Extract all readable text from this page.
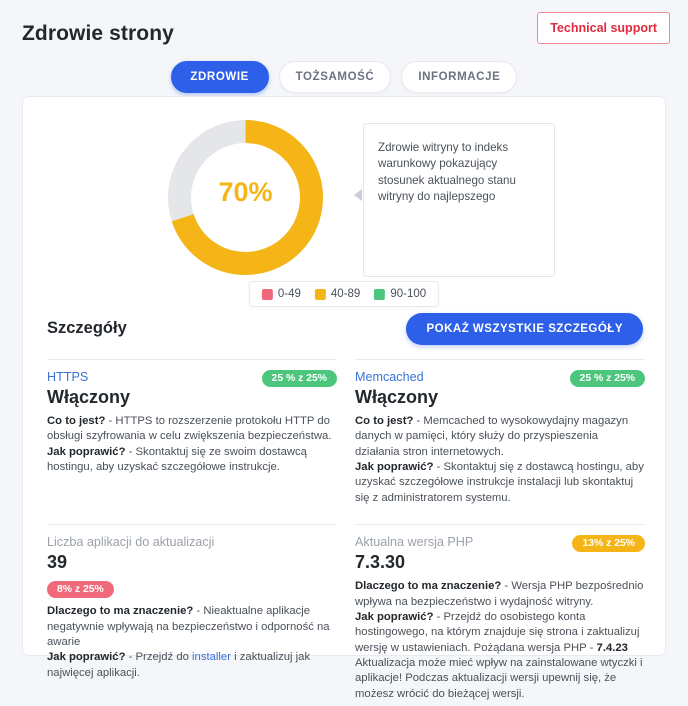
Zdrowie strony	Technical support
ZDROWIE	TOŻSAMOŚĆ	INFORMACJE
70%

Zdrowie witryny to indeks warunkowy pokazujący stosunek aktualnego stanu witryny do najlepszego

0-49	40-89	90-100
Szczegóły	POKAŻ WSZYSTKIE SZCZEGÓŁY
25 % z 25%
HTTPS
Włączony
Co to jest? - HTTPS to rozszerzenie protokołu HTTP do obsługi szyfrowania w celu zwiększenia bezpieczeństwa.
Jak poprawić? - Skontaktuj się ze swoim dostawcą hostingu, aby uzyskać szczegółowe instrukcje.
25 % z 25%
Memcached
Włączony
Co to jest? - Memcached to wysokowydajny magazyn danych w pamięci, który służy do przyspieszenia działania stron internetowych.
Jak poprawić? - Skontaktuj się z dostawcą hostingu, aby uzyskać szczegółowe instrukcje instalacji lub skontaktuj się z administratorem systemu.
Liczba aplikacji do aktualizacji
39
8% z 25%
Dlaczego to ma znaczenie? - Nieaktualne aplikacje negatywnie wpływają na bezpieczeństwo i odporność na awarie
Jak poprawić? - Przejdź do installer i zaktualizuj jak najwięcej aplikacji.
13% z 25%
Aktualna wersja PHP
7.3.30
Dlaczego to ma znaczenie? - Wersja PHP bezpośrednio wpływa na bezpieczeństwo i wydajność witryny.
Jak poprawić? - Przejdź do osobistego konta hostingowego, na którym znajduje się strona i zaktualizuj wersję w ustawieniach. Pożądana wersja PHP - 7.4.23
Aktualizacja może mieć wpływ na zainstalowane wtyczki i aplikacje! Podczas aktualizacji wersji upewnij się, że możesz wrócić do bieżącej wersji.
